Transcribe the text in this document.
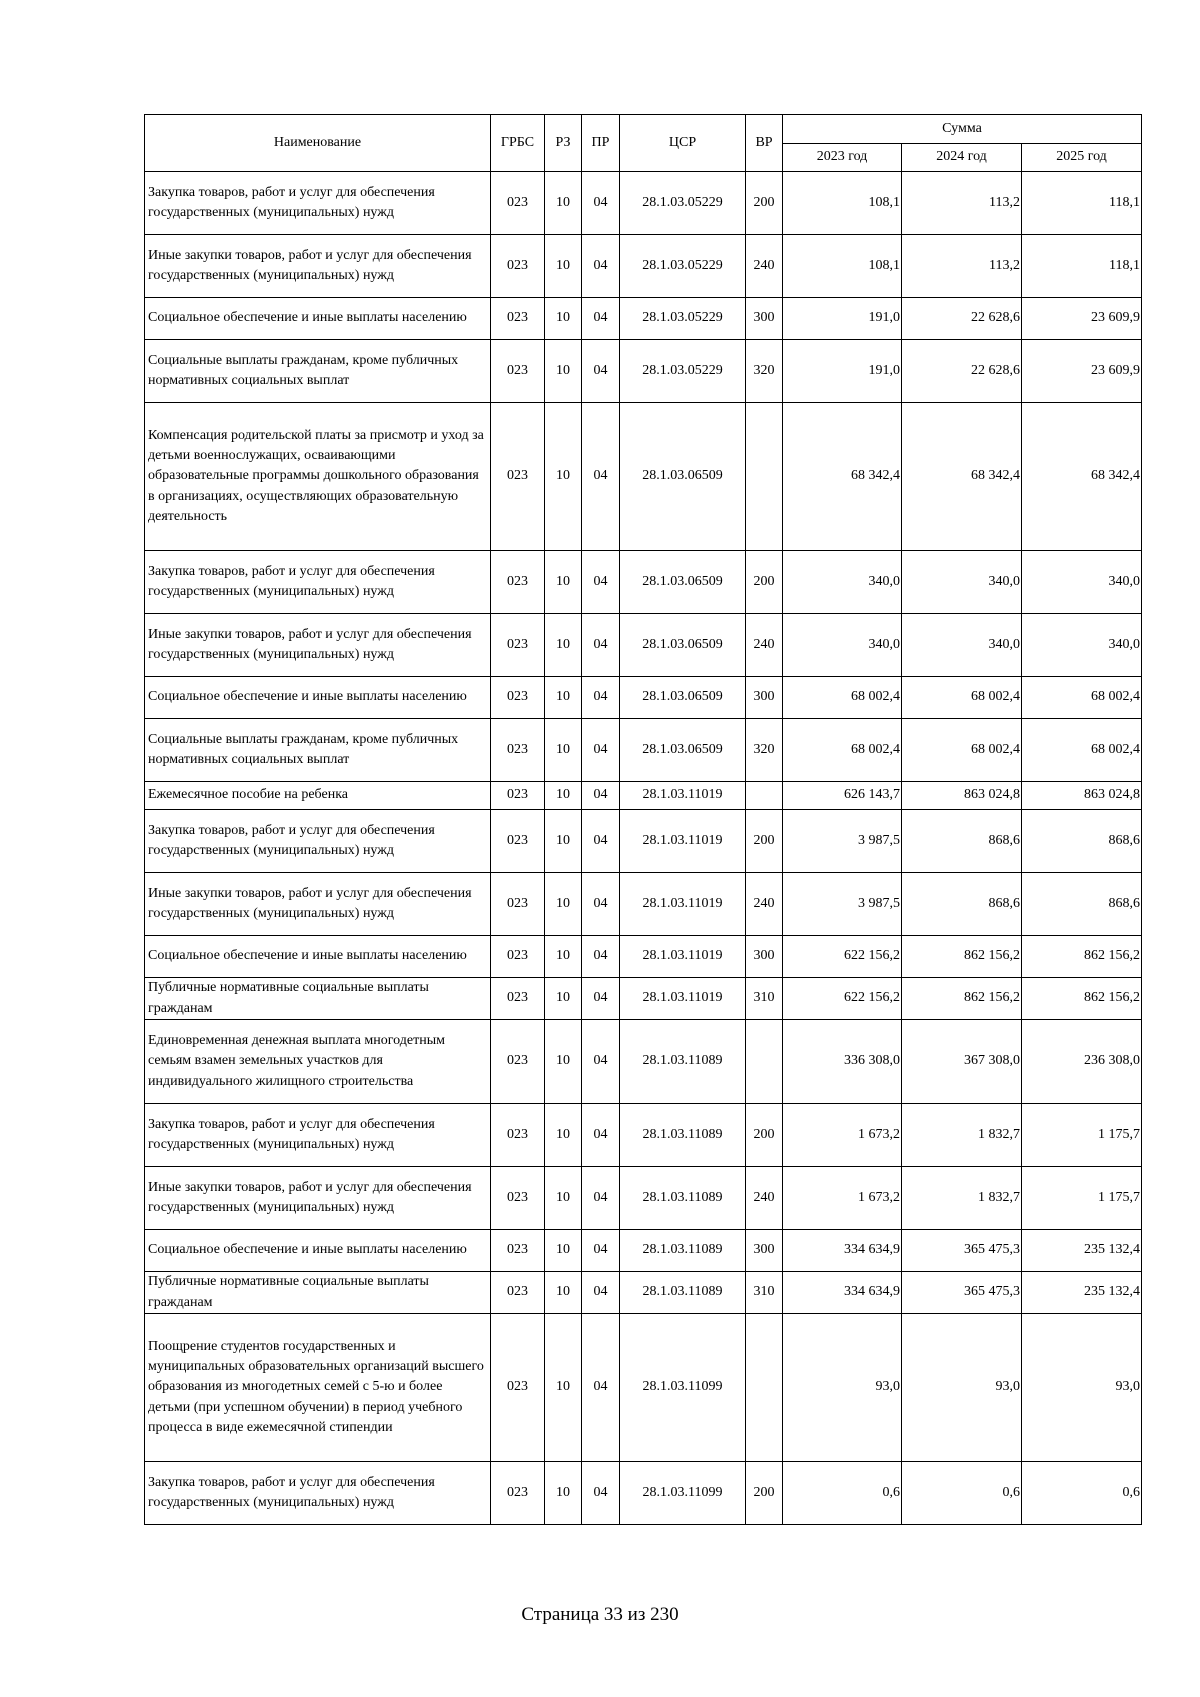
Наименование	ГРБС	РЗ	ПР	ЦСР	ВР	Сумма		
						2023 год	2024 год	2025 год
Закупка товаров, работ и услуг для обеспечения государственных (муниципальных) нужд	023	10	04	28.1.03.05229	200	108,1	113,2	118,1
Иные закупки товаров, работ и услуг для обеспечения государственных (муниципальных) нужд	023	10	04	28.1.03.05229	240	108,1	113,2	118,1
Социальное обеспечение и иные выплаты населению	023	10	04	28.1.03.05229	300	191,0	22 628,6	23 609,9
Социальные выплаты гражданам, кроме публичных нормативных социальных выплат	023	10	04	28.1.03.05229	320	191,0	22 628,6	23 609,9
Компенсация родительской платы за присмотр и уход за детьми военнослужащих, осваивающими образовательные программы дошкольного образования в организациях, осуществляющих образовательную деятельность	023	10	04	28.1.03.06509		68 342,4	68 342,4	68 342,4
Закупка товаров, работ и услуг для обеспечения государственных (муниципальных) нужд	023	10	04	28.1.03.06509	200	340,0	340,0	340,0
Иные закупки товаров, работ и услуг для обеспечения государственных (муниципальных) нужд	023	10	04	28.1.03.06509	240	340,0	340,0	340,0
Социальное обеспечение и иные выплаты населению	023	10	04	28.1.03.06509	300	68 002,4	68 002,4	68 002,4
Социальные выплаты гражданам, кроме публичных нормативных социальных выплат	023	10	04	28.1.03.06509	320	68 002,4	68 002,4	68 002,4
Ежемесячное пособие на ребенка	023	10	04	28.1.03.11019		626 143,7	863 024,8	863 024,8
Закупка товаров, работ и услуг для обеспечения государственных (муниципальных) нужд	023	10	04	28.1.03.11019	200	3 987,5	868,6	868,6
Иные закупки товаров, работ и услуг для обеспечения государственных (муниципальных) нужд	023	10	04	28.1.03.11019	240	3 987,5	868,6	868,6
Социальное обеспечение и иные выплаты населению	023	10	04	28.1.03.11019	300	622 156,2	862 156,2	862 156,2
Публичные нормативные социальные выплаты гражданам	023	10	04	28.1.03.11019	310	622 156,2	862 156,2	862 156,2
Единовременная денежная выплата многодетным семьям взамен земельных участков для индивидуального жилищного строительства	023	10	04	28.1.03.11089		336 308,0	367 308,0	236 308,0
Закупка товаров, работ и услуг для обеспечения государственных (муниципальных) нужд	023	10	04	28.1.03.11089	200	1 673,2	1 832,7	1 175,7
Иные закупки товаров, работ и услуг для обеспечения государственных (муниципальных) нужд	023	10	04	28.1.03.11089	240	1 673,2	1 832,7	1 175,7
Социальное обеспечение и иные выплаты населению	023	10	04	28.1.03.11089	300	334 634,9	365 475,3	235 132,4
Публичные нормативные социальные выплаты гражданам	023	10	04	28.1.03.11089	310	334 634,9	365 475,3	235 132,4
Поощрение студентов государственных и муниципальных образовательных организаций высшего образования из многодетных семей с 5-ю и более детьми (при успешном обучении) в период учебного процесса в виде ежемесячной стипендии	023	10	04	28.1.03.11099		93,0	93,0	93,0
Закупка товаров, работ и услуг для обеспечения государственных (муниципальных) нужд	023	10	04	28.1.03.11099	200	0,6	0,6	0,6
Страница 33 из 230
